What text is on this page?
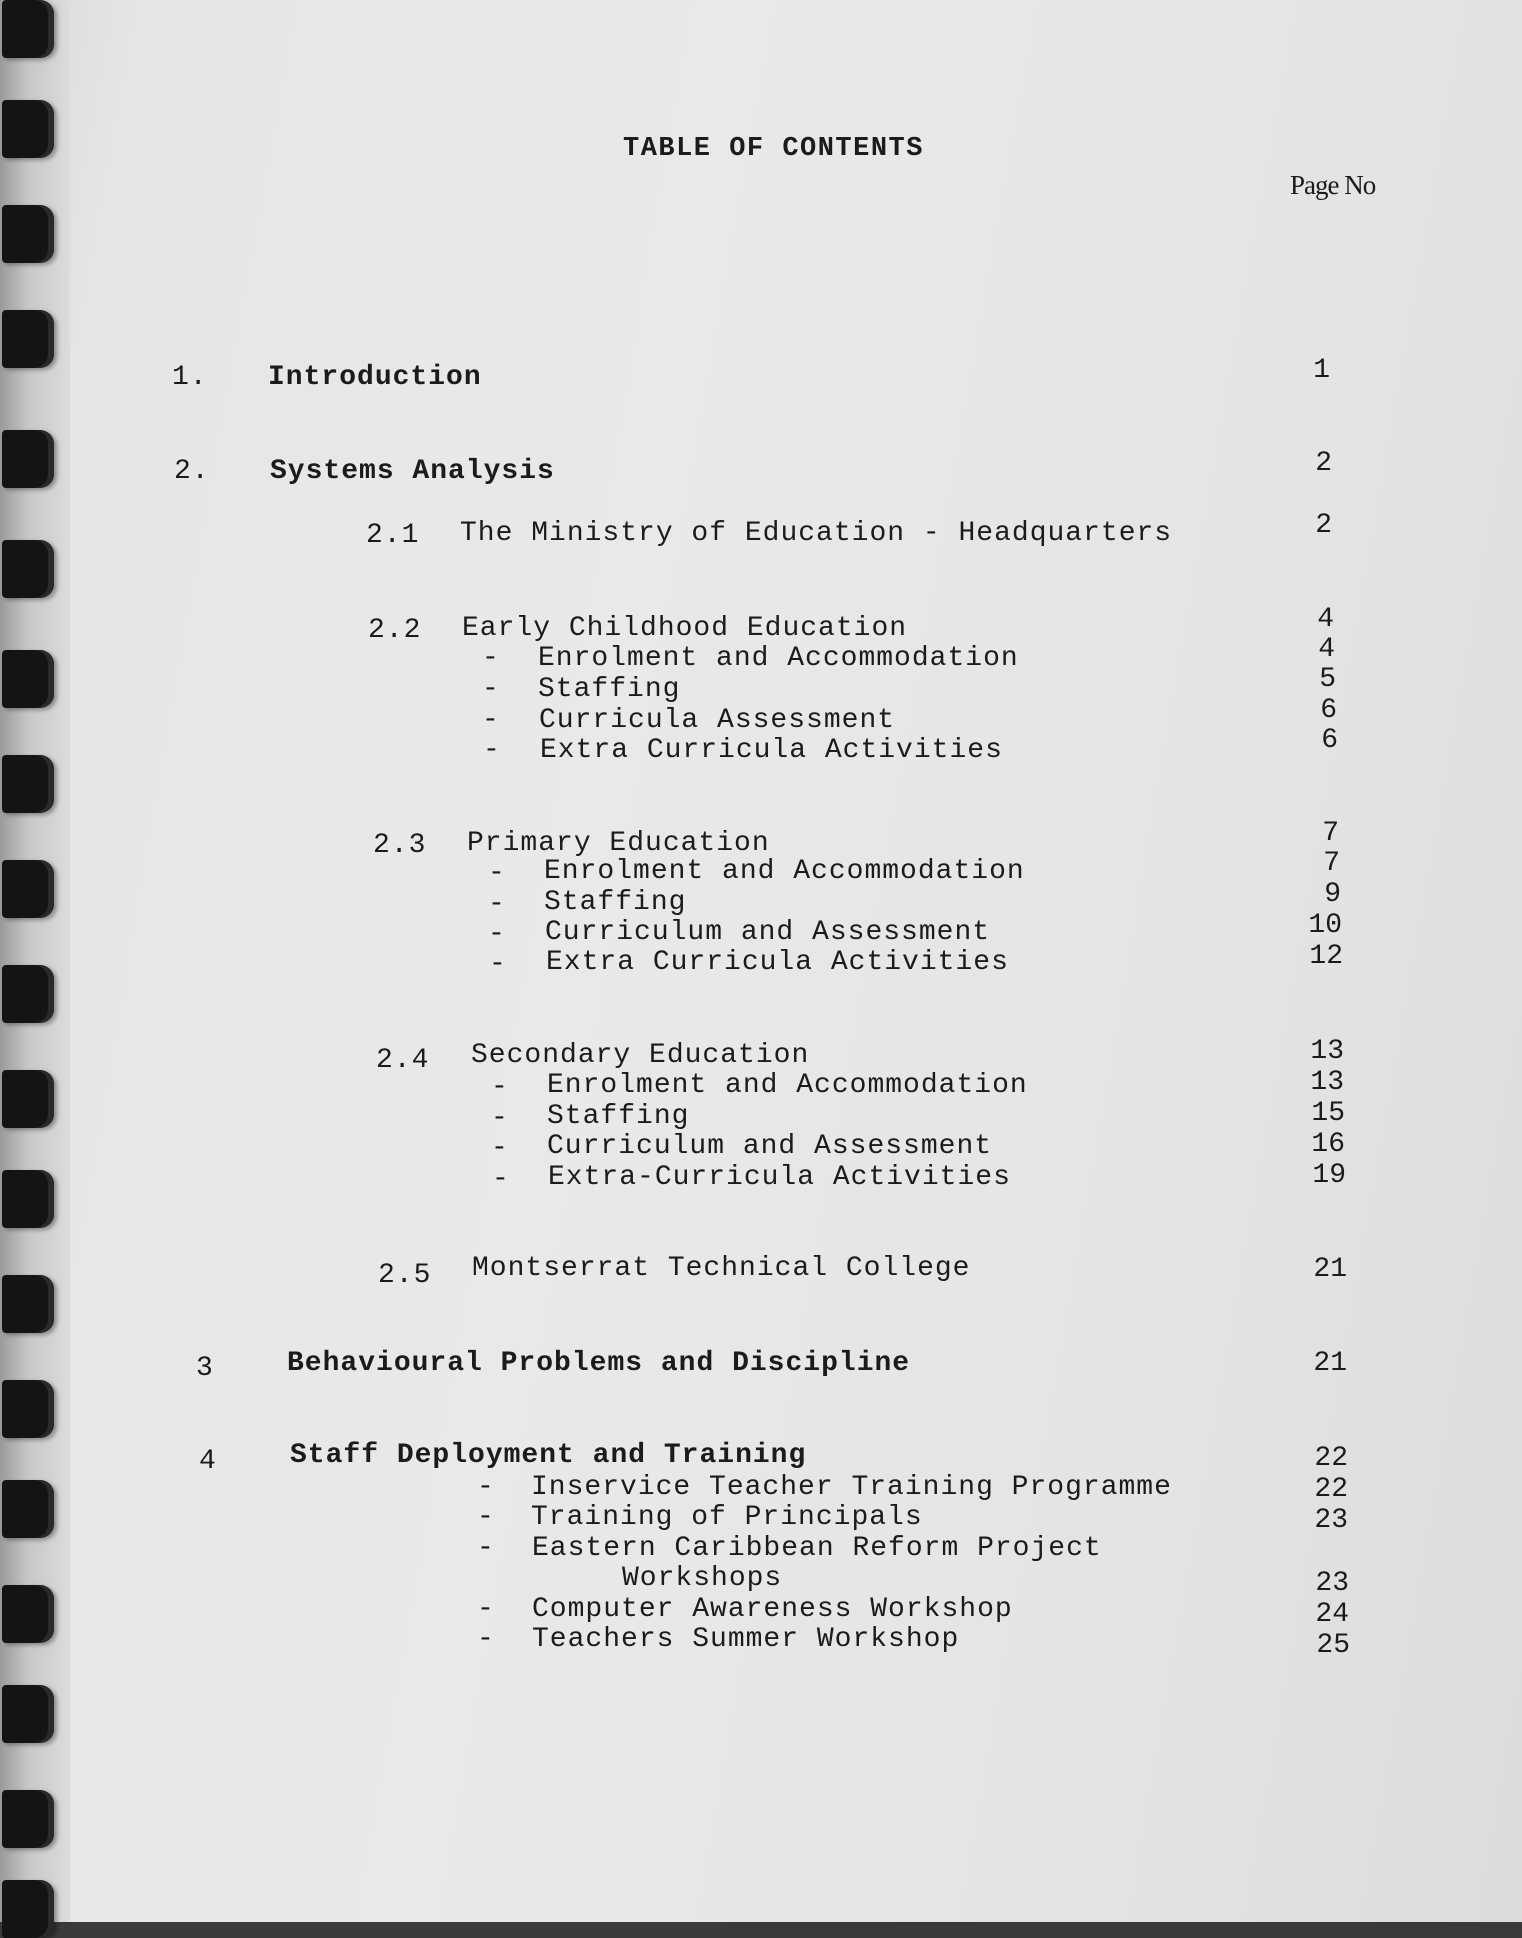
TABLE OF CONTENTS
Page No
1. Introduction	1
2. Systems Analysis	2
2.1 The Ministry of Education - Headquarters	2
2.2 Early Childhood Education	4
- Enrolment and Accommodation	4
- Staffing	5
- Curricula Assessment	6
- Extra Curricula Activities	6
2.3 Primary Education	7
- Enrolment and Accommodation	7
- Staffing	9
- Curriculum and Assessment	10
- Extra Curricula Activities	12
2.4 Secondary Education	13
- Enrolment and Accommodation	13
- Staffing	15
- Curriculum and Assessment	16
- Extra-Curricula Activities	19
2.5 Montserrat Technical College	21
3	Behavioural Problems and Discipline	21
4	Staff Deployment and Training	22
- Inservice Teacher Training Programme	22
- Training of Principals	23
- Eastern Caribbean Reform Project
Workshops	23
- Computer Awareness Workshop	24
- Teachers Summer Workshop	25
